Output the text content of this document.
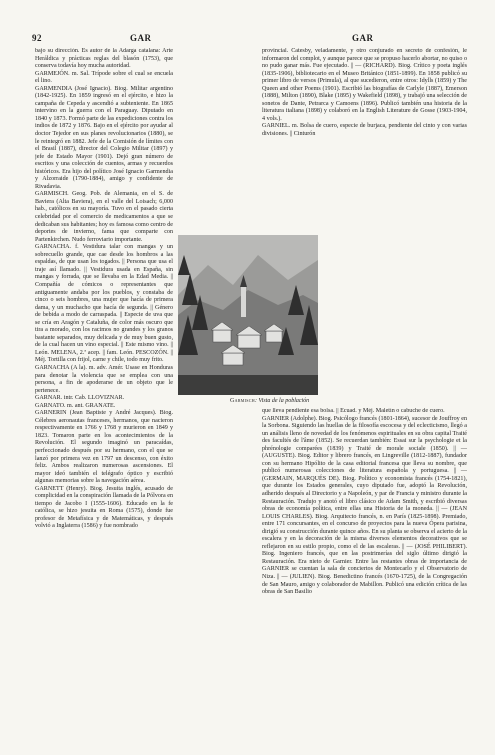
92	GAR	GAR

bajo su dirección. Es autor de la Adarga catalana: Arte Heráldica y prácticas reglas del blasón (1753), que conserva todavía hoy mucha autoridad.

GARMEJÓN. m. Sal. Trípode sobre el cual se encuela el lino.

GARMENDIA (José Ignacio). Biog. Militar argentino (1842-1925). En 1859 ingresó en el ejército, e hizo la campaña de Cepeda y ascendió a subteniente. En 1865 intervino en la guerra con el Paraguay. Diputado en 1840 y 1873. Formó parte de las expediciones contra los indios de 1872 y 1876. Bajo en el ejército por ayudar al doctor Tejedor en sus planes revolucionarios (1880), se le reintegró en 1882. Jefe de la Comisión de límites con el Brasil (1887), director del Colegio Militar (1897) y jefe de Estado Mayor (1901). Dejó gran número de escritos y una colección de cuentos, armas y recuerdos históricos. Era hijo del político José Ignacio Garmendia y Alzorraide (1790-1884), amigo y confidente de Rivadavia.

GARMISCH. Geog. Pob. de Alemania, en el S. de Baviera (Alta Baviera), en el valle del Loisach; 6,000 hab., católicos en su mayoría. Tuvo en el pasado cierta celebridad por el comercio de medicamentos a que se dedicaban sus habitantes; hoy es famosa como centro de deportes de invierno, fama que comparte con Partenkirchen. Nudo ferroviario importante.

GARNACHA. f. Vestidura talar con mangas y un sobrecuello grande, que cae desde los hombros a las espaldas, de que usan los togados. || Persona que usa el traje así llamado. || Vestidura usada en España, sin mangas y forrada, que se llevaba en la Edad Media. || Compañía de cómicos o representantes que antiguamente andaba por los pueblos, y constaba de cinco o seis hombres, una mujer que hacía de primera dama, y un muchacho que hacía de segunda. || Género de bebida a modo de carraspada. || Especie de uva que se cría en Aragón y Cataluña, de color más oscuro que tira a morado, con los racimos no grandes y los granos bastante separados, muy delicada y de muy buen gusto, de la cual hacen un vino especial. || Este mismo vino. || León. MELENA, 2.ª acep. || fam. León. PESCOZÓN. || Méj. Tortilla con frijol, carne y chile, todo muy frito.

GARNACHA (A la). m. adv. Amér. Usase en Honduras para denotar la violencia que se emplea con una persona, a fin de apoderarse de un objeto que le pertenece.

GARNAR. intr. Cab. LLOVIZNAR.

GARNATO. m. ant. GRANATE.

GARNERIN (Jean Baptiste y André Jacques). Biog. Célebres aeronautas franceses, hermanos, que nacieron respectivamente en 1766 y 1768 y murieron en 1849 y 1823. Tomaron parte en los acontecimientos de la Revolución. El segundo imaginó un paracaídas, perfeccionado después por su hermano, con el que se lanzó por primera vez en 1797 un descenso, con éxito feliz. Ambos realizaron numerosas ascensiones. El mayor ideó también el telégrafo óptico y escribió algunas memorias sobre la navegación aérea.

GARNETT (Henry). Biog. Jesuita inglés, acusado de complicidad en la conspiración llamada de la Pólvora en tiempo de Jacobo I (1555-1606). Educado en la fe católica, se hizo jesuita en Roma (1575), donde fue profesor de Metafísica y de Matemáticas, y después volvió a Inglaterra (1586) y fue nombrado

provincial. Catesby, veladamente, y otro conjurado en secreto de confesión, le informaron del complot, y aunque parece que se propuso hacerlo abortar, no quiso o no pudo ganar más. Fue ejecutado. || — (RICHARD). Biog. Crítico y poeta inglés (1835-1906), bibliotecario en el Museo Británico (1851-1899). En 1858 publicó su primer libro de versos (Primula), al que sucedieron, entre otros: Idylls (1859) y The Queen and other Poems (1901). Escribió las biografías de Carlyle (1887), Emerson (1888), Milton (1890), Blake (1895) y Wakefield (1898), y trabajó una selección de sonetos de Dante, Petrarca y Camoens (1896). Publicó también una historia de la literatura italiana (1898) y colaboró en la English Literature de Gosse (1903-1904, 4 vols.).

GARNIEL. m. Bolsa de cuero, especie de burjaca, pendiente del cinto y con varias divisiones. || Cinturón

Garmisch: Vista de la población

que lleva pendiente esa bolsa. || Ecuad. y Méj. Maletín o cabuche de cuero.

GARNIER (Adolphe). Biog. Psicólogo francés (1801-1864), sucesor de Jouffroy en la Sorbona. Siguiendo las huellas de la filosofía escocesa y del eclecticismo, llegó a un análisis lleno de novedad de los fenómenos espirituales en su obra capital Traité des facultés de l'âme (1852). Se recuerdan también: Essai sur la psychologie et la phrénologie comparées (1839) y Traité de morale sociale (1850). || — (AUGUSTE). Biog. Editor y librero francés, en Lingreville (1812-1887), fundador con su hermano Hipólito de la casa editorial francesa que lleva su nombre, que publicó numerosas colecciones de literatura española y portuguesa. || — (GERMAIN, MARQUÉS DE). Biog. Político y economista francés (1754-1821), que durante los Estados generales, cuyo diputado fue, adoptó la Revolución, adherido después al Directorio y a Napoleón, y par de Francia y ministro durante la Restauración. Tradujo y anotó el libro clásico de Adam Smith, y escribió diversas obras de economía política, entre ellas una Historia de la moneda. || — (JEAN LOUIS CHARLES). Biog. Arquitecto francés, n. en París (1825-1898). Premiado, entre 171 concursantes, en el concurso de proyectos para la nueva Ópera parisina, dirigió su construcción durante quince años. En su planta se observa el acierto de la escalera y en la decoración de la misma diversos elementos decorativos que se reflejaron en su estilo propio, como el de las escaleras. || — (JOSÉ PHILIBERT). Biog. Ingeniero francés, que en las postrimerías del siglo último dirigió la Restauración. Era nieto de Garnier. Entre las restantes obras de importancia de GARNIER se cuentan la sala de conciertos de Montecarlo y el Observatorio de Niza. || — (JULIEN). Biog. Benedictino francés (1670-1725), de la Congregación de San Mauro, amigo y colaborador de Mabillon. Publicó una edición crítica de las obras de San Basilio
